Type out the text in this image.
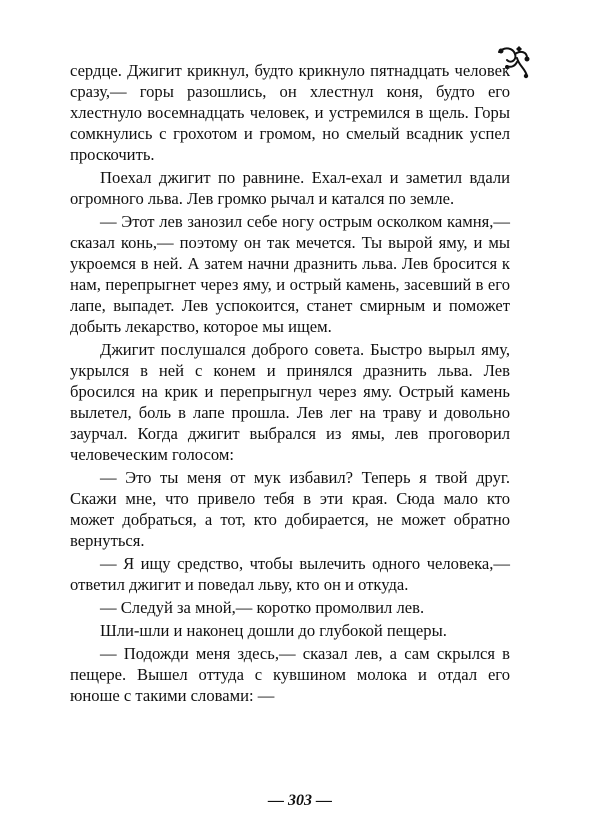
сердце. Джигит крикнул, будто крикнуло пятнадцать человек сразу,— горы разошлись, он хлестнул коня, будто его хлестнуло восемнадцать человек, и устремился в щель. Горы сомкнулись с грохотом и громом, но смелый всадник успел проскочить.

Поехал джигит по равнине. Ехал-ехал и заметил вдали огромного льва. Лев громко рычал и катался по земле.

— Этот лев занозил себе ногу острым осколком камня,— сказал конь,— поэтому он так мечется. Ты вырой яму, и мы укроемся в ней. А затем начни дразнить льва. Лев бросится к нам, перепрыгнет через яму, и острый камень, засевший в его лапе, выпадет. Лев успокоится, станет смирным и поможет добыть лекарство, которое мы ищем.

Джигит послушался доброго совета. Быстро вырыл яму, укрылся в ней с конем и принялся дразнить льва. Лев бросился на крик и перепрыгнул через яму. Острый камень вылетел, боль в лапе прошла. Лев лег на траву и довольно заурчал. Когда джигит выбрался из ямы, лев проговорил человеческим голосом:

— Это ты меня от мук избавил? Теперь я твой друг. Скажи мне, что привело тебя в эти края. Сюда мало кто может добраться, а тот, кто добирается, не может обратно вернуться.

— Я ищу средство, чтобы вылечить одного человека,— ответил джигит и поведал льву, кто он и откуда.

— Следуй за мной,— коротко промолвил лев.

Шли-шли и наконец дошли до глубокой пещеры.

— Подожди меня здесь,— сказал лев, а сам скрылся в пещере. Вышел оттуда с кувшином молока и отдал его юноше с такими словами: —

— 303 —
